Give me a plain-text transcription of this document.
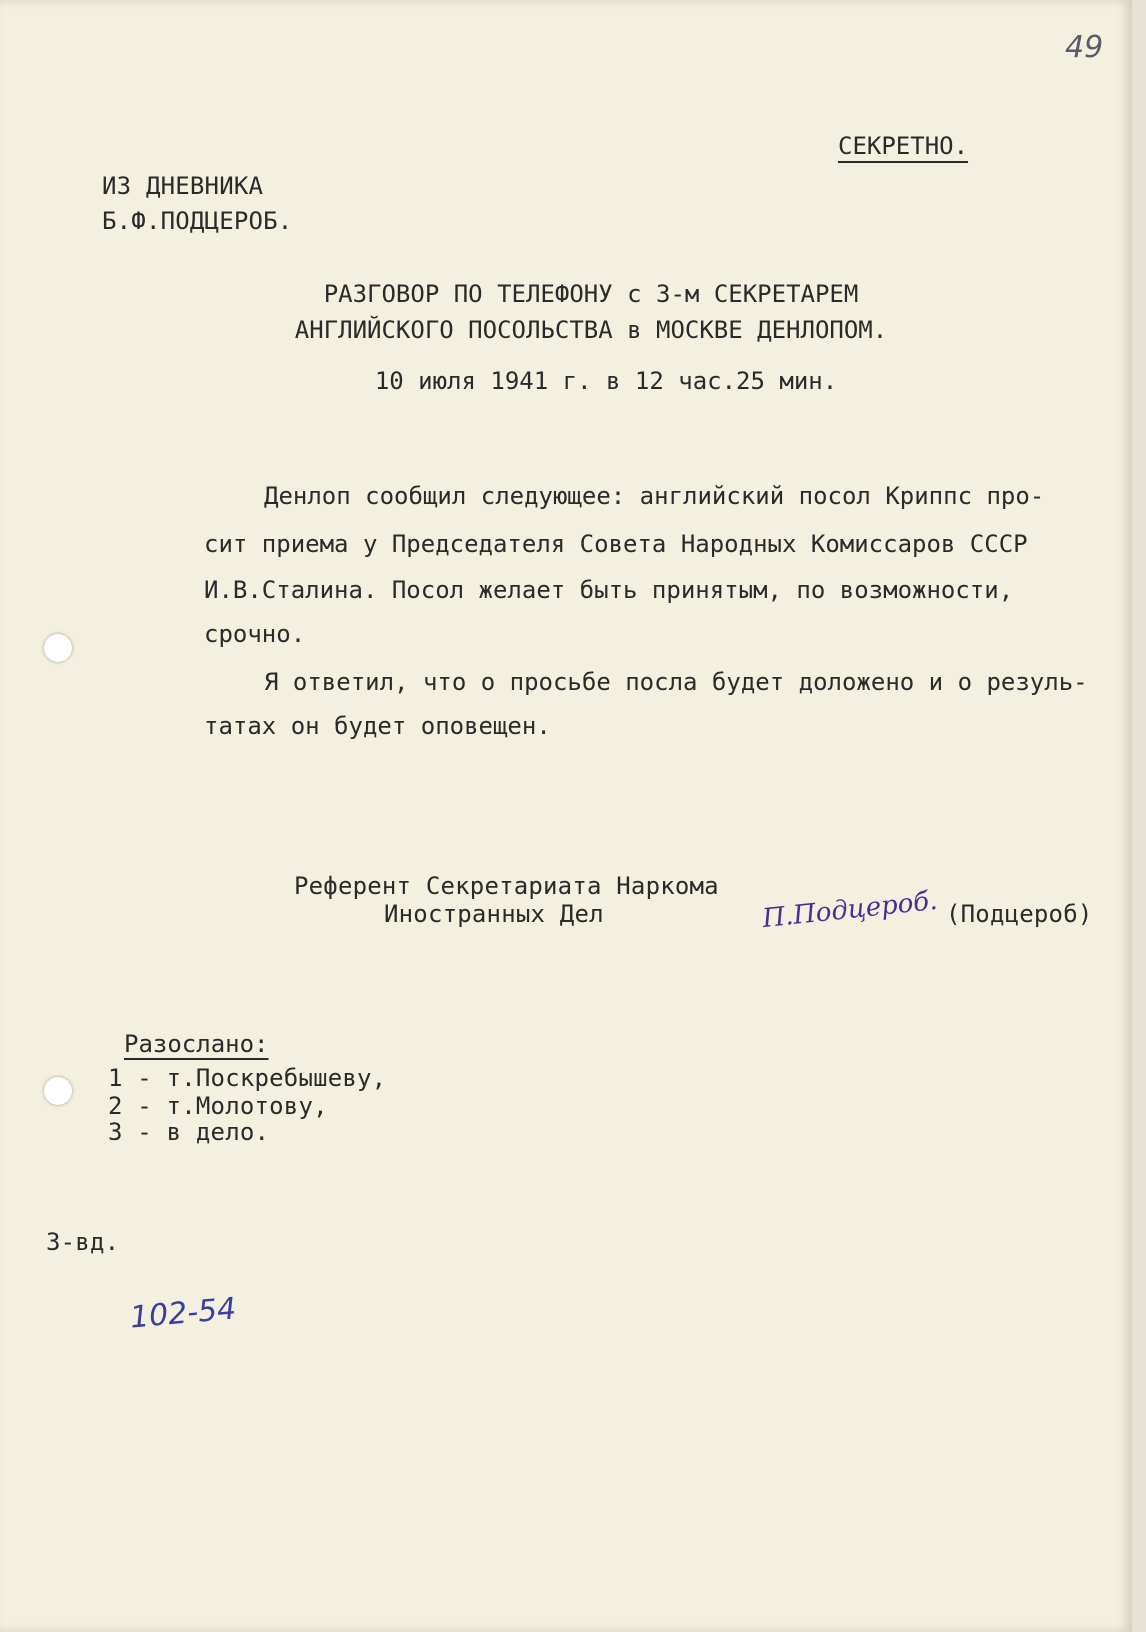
49
СЕКРЕТНО.
ИЗ ДНЕВНИКА
Б.Ф.ПОДЦЕРОБ.
РАЗГОВОР ПО ТЕЛЕФОНУ с 3-м СЕКРЕТАРЕМ
АНГЛИЙСКОГО ПОСОЛЬСТВА в МОСКВЕ ДЕНЛОПОМ.
10 июля 1941 г. в 12 час.25 мин.
Денлоп сообщил следующее: английский посол Криппс про-
сит приема у Председателя Совета Народных Комиссаров СССР
И.В.Сталина. Посол желает быть принятым, по возможности,
срочно.
Я ответил, что о просьбе посла будет доложено и о резуль-
татах он будет оповещен.
Референт Секретариата Наркома
Иностранных Дел	П.Подцероб. (Подцероб)
Разослано:
1 - т.Поскребышеву,
2 - т.Молотову,
3 - в дело.
3-вд.
102-54
